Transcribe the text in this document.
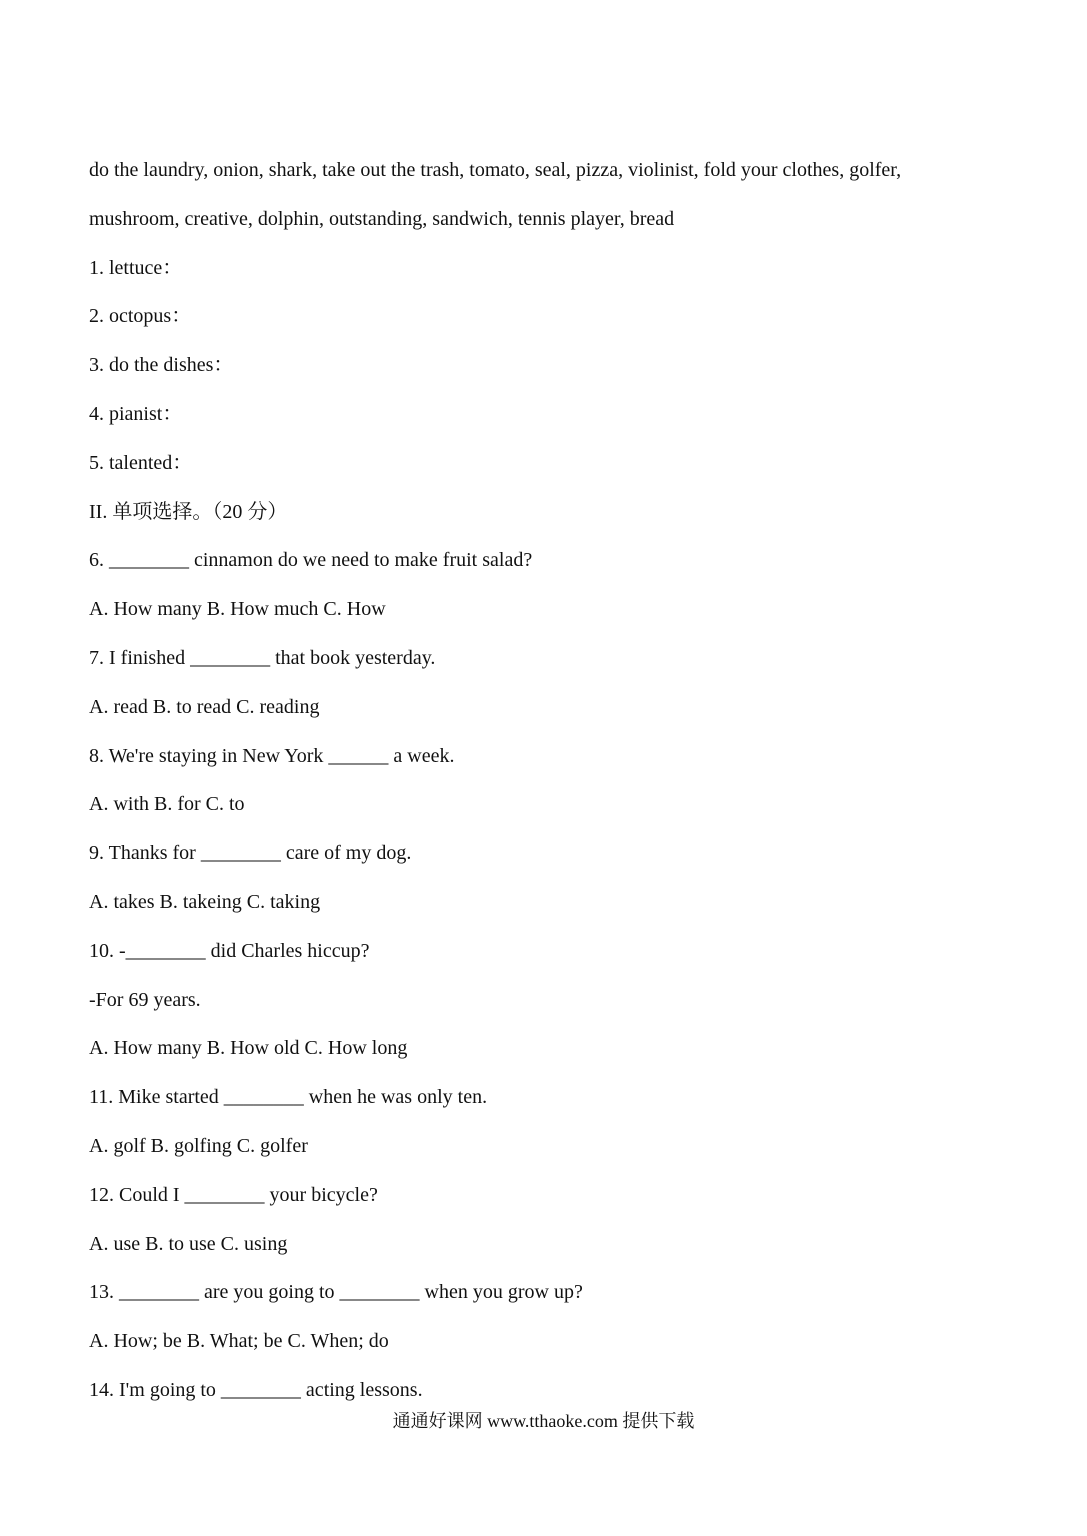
do the laundry, onion, shark, take out the trash, tomato, seal, pizza, violinist, fold your clothes, golfer,
mushroom, creative, dolphin, outstanding, sandwich, tennis player, bread
1. lettuce：
2. octopus：
3. do the dishes：
4. pianist：
5. talented：
II. 单项选择。（20 分）
6. ________ cinnamon do we need to make fruit salad?
A. How many B. How much C. How
7. I finished ________ that book yesterday.
A. read B. to read C. reading
8. We're staying in New York ______ a week.
A. with B. for C. to
9. Thanks for ________ care of my dog.
A. takes B. takeing C. taking
10. -________ did Charles hiccup?
-For 69 years.
A. How many B. How old C. How long
11. Mike started ________ when he was only ten.
A. golf B. golfing C. golfer
12. Could I ________ your bicycle?
A. use B. to use C. using
13. ________ are you going to ________ when you grow up?
A. How; be B. What; be C. When; do
14. I'm going to ________ acting lessons.
通通好课网 www.tthaoke.com 提供下载
